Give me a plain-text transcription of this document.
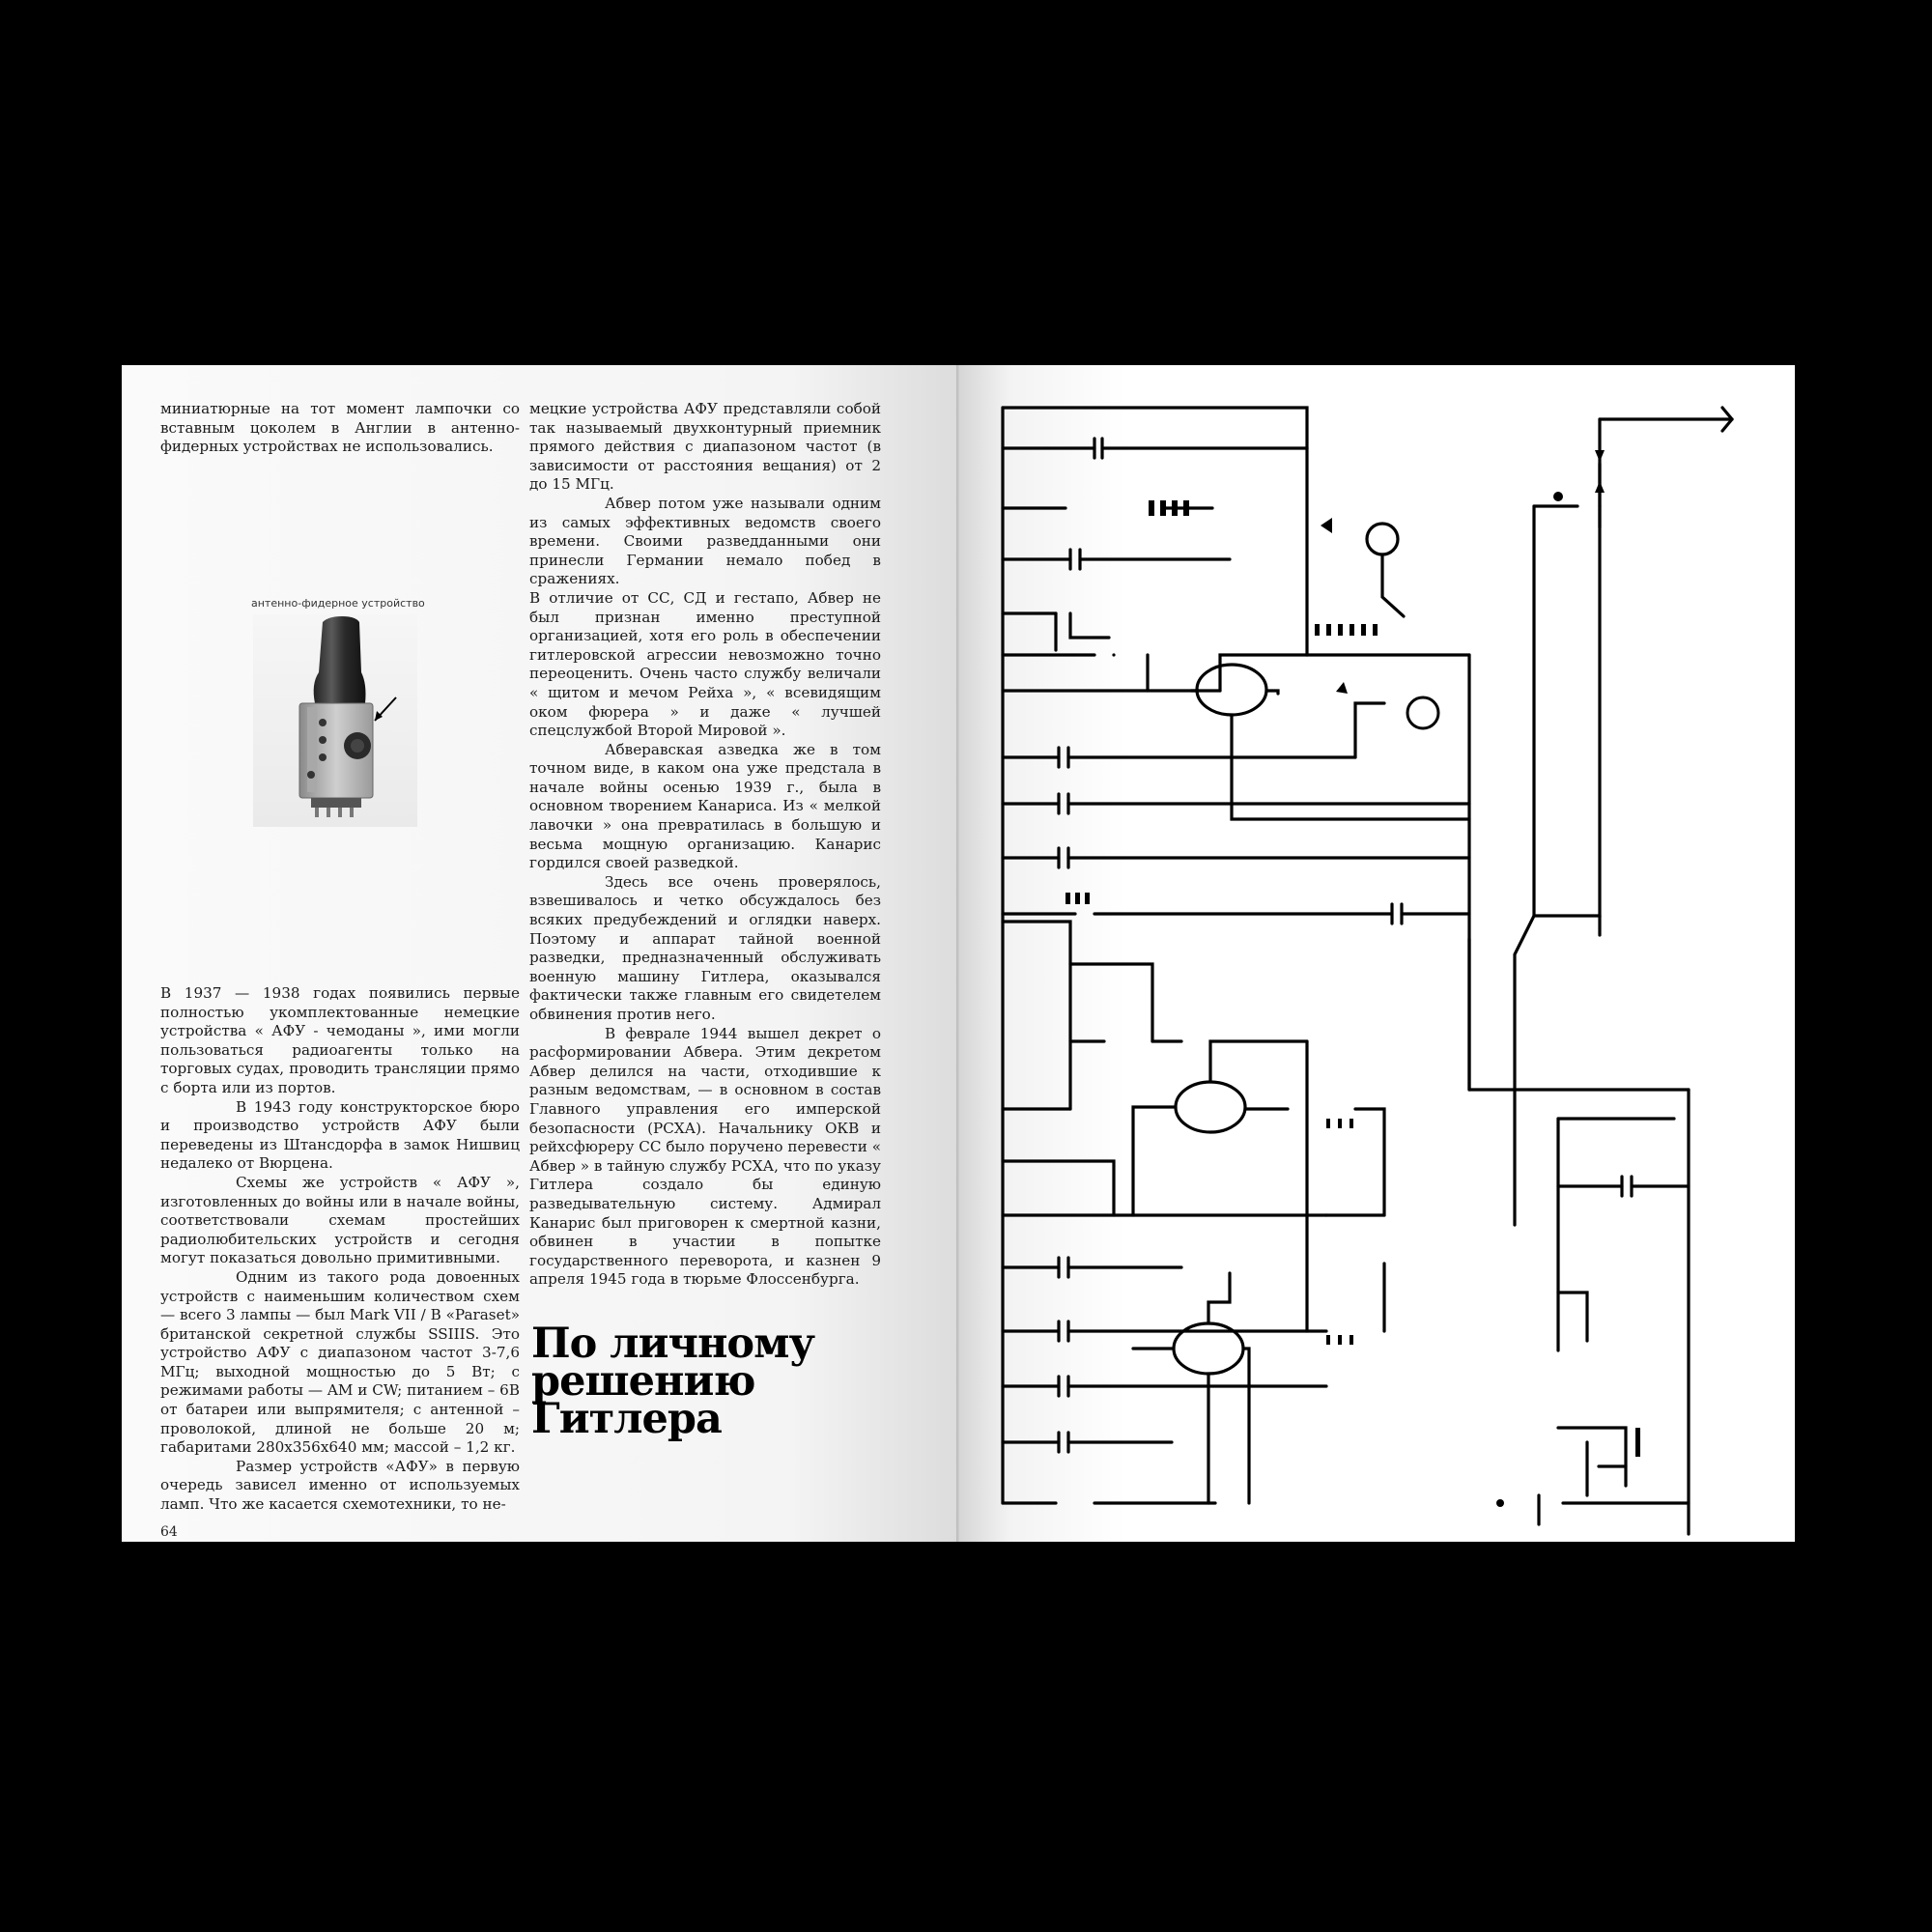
миниатюрные на тот момент лампочки со вставным цоколем в Англии в антенно-фидерных устройствах не использовались.

антенно-фидерное устройство

В 1937 — 1938 годах появились первые полностью укомплектованные немецкие устройства « АФУ - чемоданы », ими могли пользоваться радиоагенты только на торговых судах, проводить трансляции прямо с борта или из портов.

В 1943 году конструкторское бюро и производство устройств АФУ были переведены из Штансдорфа в замок Нишвиц недалеко от Вюрцена.

Схемы же устройств « АФУ », изготовленных до войны или в начале войны, соответствовали схемам простейших радиолюбительских устройств и сегодня могут показаться довольно примитивными.

Одним из такого рода довоенных устройств с наименьшим количеством схем — всего 3 лампы — был Mark VII / B «Paraset» британской секретной службы SSIIIS. Это устройство АФУ с диапазоном частот 3-7,6 МГц; выходной мощностью до 5 Вт; с режимами работы — AM и CW; питанием – 6В от батареи или выпрямителя; с антенной – проволокой, длиной не больше 20 м; габаритами 280х356х640 мм; массой – 1,2 кг.

Размер устройств «АФУ» в первую очередь зависел именно от используемых ламп. Что же касается схемотехники, то не-

мецкие устройства АФУ представляли собой так называемый двухконтурный приемник прямого действия с диапазоном частот (в зависимости от расстояния вещания) от 2 до 15 МГц.

Абвер потом уже называли одним из самых эффективных ведомств своего времени. Своими разведданными они принесли Германии немало побед в сражениях.

В отличие от СС, СД и гестапо, Абвер не был признан именно преступной организацией, хотя его роль в обеспечении гитлеровской агрессии невозможно точно переоценить. Очень часто службу величали « щитом и мечом Рейха », « всевидящим оком фюрера » и даже « лучшей спецслужбой Второй Мировой ».

Абверавская азведка же в том точном виде, в каком она уже предстала в начале войны осенью 1939 г., была в основном творением Канариса. Из « мелкой лавочки » она превратилась в большую и весьма мощную организацию. Канарис гордился своей разведкой.

Здесь все очень проверялось, взвешивалось и четко обсуждалось без всяких предубеждений и оглядки наверх. Поэтому и аппарат тайной военной разведки, предназначенный обслуживать военную машину Гитлера, оказывался фактически также главным его свидетелем обвинения против него.

В феврале 1944 вышел декрет о расформировании Абвера. Этим декретом Абвер делился на части, отходившие к разным ведомствам, — в основном в состав Главного управления его имперской безопасности (РСХА). Начальнику ОКВ и рейхсфюреру СС было поручено перевести « Абвер » в тайную службу РСХА, что по указу Гитлера создало бы единую разведывательную систему. Адмирал Канарис был приговорен к смертной казни, обвинен в участии в попытке государственного переворота, и казнен 9 апреля 1945 года в тюрьме Флоссенбурга.

По личному
решению
Гитлера
64
